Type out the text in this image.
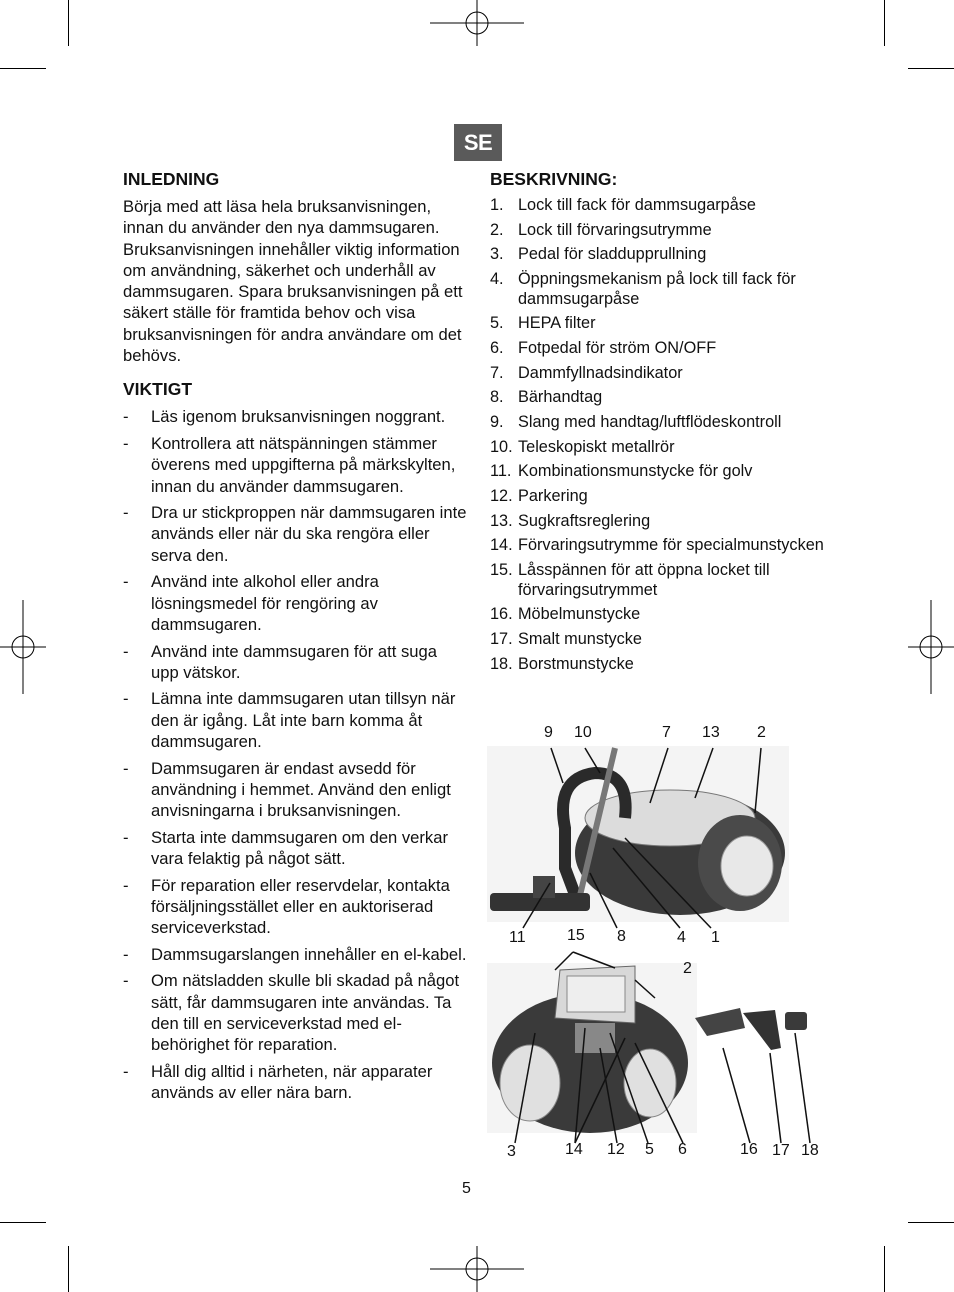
SE
INLEDNING

Börja med att läsa hela bruksanvisningen, innan du använder den nya dammsugaren. Bruksanvisningen innehåller viktig information om användning, säkerhet och underhåll av dammsugaren. Spara bruksanvisningen på ett säkert ställe för framtida behov och visa bruksanvisningen för andra användare om det behövs.

VIKTIGT
- Läs igenom bruksanvisningen noggrant.
- Kontrollera att nätspänningen stämmer överens med uppgifterna på märkskylten, innan du använder dammsugaren.
- Dra ur stickproppen när dammsugaren inte används eller när du ska rengöra eller serva den.
- Använd inte alkohol eller andra lösningsmedel för rengöring av dammsugaren.
- Använd inte dammsugaren för att suga upp vätskor.
- Lämna inte dammsugaren utan tillsyn när den är igång. Låt inte barn komma åt dammsugaren.
- Dammsugaren är endast avsedd för användning i hemmet. Använd den enligt anvisningarna i bruksanvisningen.
- Starta inte dammsugaren om den verkar vara felaktig på något sätt.
- För reparation eller reservdelar, kontakta försäljningsstället eller en auktoriserad serviceverkstad.
- Dammsugarslangen innehåller en el-kabel.
- Om nätsladden skulle bli skadad på något sätt, får dammsugaren inte användas. Ta den till en serviceverkstad med el-behörighet för reparation.
- Håll dig alltid i närheten, när apparater används av eller nära barn.
BESKRIVNING:
1. Lock till fack för dammsugarpåse
2. Lock till förvaringsutrymme
3. Pedal för sladdupprullning
4. Öppningsmekanism på lock till fack för dammsugarpåse
5. HEPA filter
6. Fotpedal för ström ON/OFF
7. Dammfyllnadsindikator
8. Bärhandtag
9. Slang med handtag/luftflödeskontroll
10. Teleskopiskt metallrör
11. Kombinationsmunstycke för golv
12. Parkering
13. Sugkraftsreglering
14. Förvaringsutrymme för specialmunstycken
15. Låsspännen för att öppna locket till förvaringsutrymmet
16. Möbelmunstycke
17. Smalt munstycke
18. Borstmunstycke
9 10	7 13 2
11	15 8	4 1
2
3	14 12 5 6	16 17 18
5
